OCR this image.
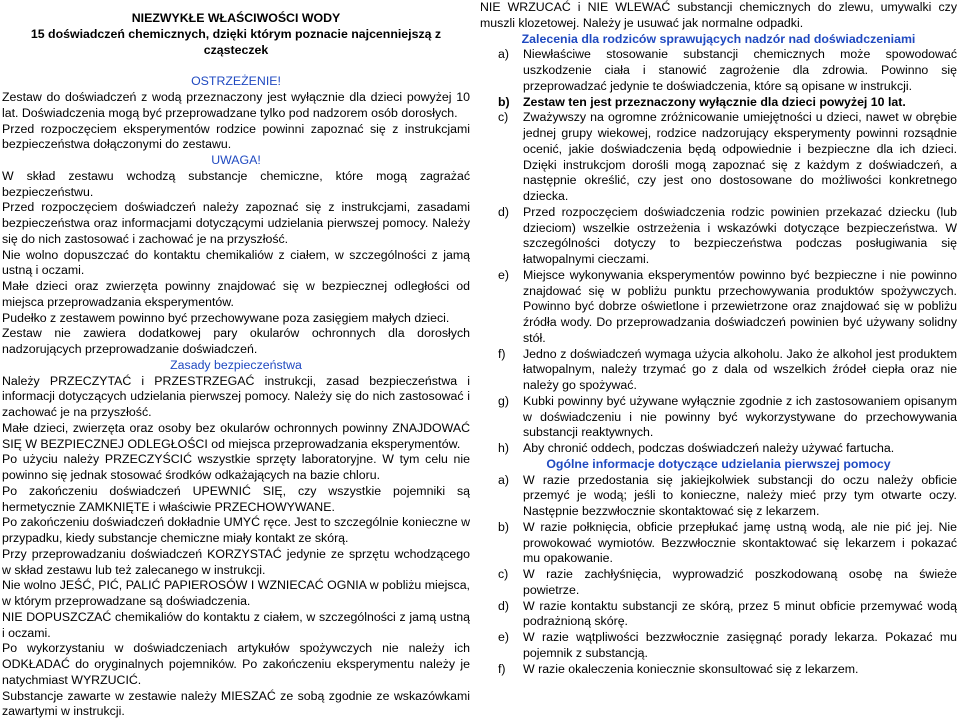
NIEZWYKŁE WŁAŚCIWOŚCI WODY

15 doświadczeń chemicznych, dzięki którym poznacie najcenniejszą z cząsteczek

OSTRZEŻENIE!

Zestaw do doświadczeń z wodą przeznaczony jest wyłącznie dla dzieci powyżej 10 lat. Doświadczenia mogą być przeprowadzane tylko pod nadzorem osób dorosłych.

Przed rozpoczęciem eksperymentów rodzice powinni zapoznać się z instrukcjami bezpieczeństwa dołączonymi do zestawu.

UWAGA!

W skład zestawu wchodzą substancje chemiczne, które mogą zagrażać bezpieczeństwu.

Przed rozpoczęciem doświadczeń należy zapoznać się z instrukcjami, zasadami bezpieczeństwa oraz informacjami dotyczącymi udzielania pierwszej pomocy. Należy się do nich zastosować i zachować je na przyszłość.

Nie wolno dopuszczać do kontaktu chemikaliów z ciałem, w szczególności z jamą ustną i oczami.

Małe dzieci oraz zwierzęta powinny znajdować się w bezpiecznej odległości od miejsca przeprowadzania eksperymentów.

Pudełko z zestawem powinno być przechowywane poza zasięgiem małych dzieci.

Zestaw nie zawiera dodatkowej pary okularów ochronnych dla dorosłych nadzorujących przeprowadzanie doświadczeń.

Zasady bezpieczeństwa

Należy PRZECZYTAĆ i PRZESTRZEGAĆ instrukcji, zasad bezpieczeństwa i informacji dotyczących udzielania pierwszej pomocy. Należy się do nich zastosować i zachować je na przyszłość.

Małe dzieci, zwierzęta oraz osoby bez okularów ochronnych powinny ZNAJDOWAĆ SIĘ W BEZPIECZNEJ ODLEGŁOŚCI od miejsca przeprowadzania eksperymentów.

Po użyciu należy PRZECZYŚCIĆ wszystkie sprzęty laboratoryjne. W tym celu nie powinno się jednak stosować środków odkażających na bazie chloru.

Po zakończeniu doświadczeń UPEWNIĆ SIĘ, czy wszystkie pojemniki są hermetycznie ZAMKNIĘTE i właściwie PRZECHOWYWANE.

Po zakończeniu doświadczeń dokładnie UMYĆ ręce. Jest to szczególnie konieczne w przypadku, kiedy substancje chemiczne miały kontakt ze skórą.

Przy przeprowadzaniu doświadczeń KORZYSTAĆ jedynie ze sprzętu wchodzącego w skład zestawu lub też zalecanego w instrukcji.

Nie wolno JEŚĆ, PIĆ, PALIĆ PAPIEROSÓW I WZNIECAĆ OGNIA w pobliżu miejsca, w którym przeprowadzane są doświadczenia.

NIE DOPUSZCZAĆ chemikaliów do kontaktu z ciałem, w szczególności z jamą ustną i oczami.

Po wykorzystaniu w doświadczeniach artykułów spożywczych nie należy ich ODKŁADAĆ do oryginalnych pojemników. Po zakończeniu eksperymentu należy je natychmiast WYRZUCIĆ.

Substancje zawarte w zestawie należy MIESZAĆ ze sobą zgodnie ze wskazówkami zawartymi w instrukcji.

NIE WRZUCAĆ i NIE WLEWAĆ substancji chemicznych do zlewu, umywalki czy muszli klozetowej. Należy je usuwać jak normalne odpadki.

Zalecenia dla rodziców sprawujących nadzór nad doświadczeniami

a) Niewłaściwe stosowanie substancji chemicznych może spowodować uszkodzenie ciała i stanowić zagrożenie dla zdrowia. Powinno się przeprowadzać jedynie te doświadczenia, które są opisane w instrukcji.
b) Zestaw ten jest przeznaczony wyłącznie dla dzieci powyżej 10 lat.
c) Zważywszy na ogromne zróżnicowanie umiejętności u dzieci, nawet w obrębie jednej grupy wiekowej, rodzice nadzorujący eksperymenty powinni rozsądnie ocenić, jakie doświadczenia będą odpowiednie i bezpieczne dla ich dzieci. Dzięki instrukcjom dorośli mogą zapoznać się z każdym z doświadczeń, a następnie określić, czy jest ono dostosowane do możliwości konkretnego dziecka.
d) Przed rozpoczęciem doświadczenia rodzic powinien przekazać dziecku (lub dzieciom) wszelkie ostrzeżenia i wskazówki dotyczące bezpieczeństwa. W szczególności dotyczy to bezpieczeństwa podczas posługiwania się łatwopalnymi cieczami.
e) Miejsce wykonywania eksperymentów powinno być bezpieczne i nie powinno znajdować się w pobliżu punktu przechowywania produktów spożywczych. Powinno być dobrze oświetlone i przewietrzone oraz znajdować się w pobliżu źródła wody. Do przeprowadzania doświadczeń powinien być używany solidny stół.
f) Jedno z doświadczeń wymaga użycia alkoholu. Jako że alkohol jest produktem łatwopalnym, należy trzymać go z dala od wszelkich źródeł ciepła oraz nie należy go spożywać.
g) Kubki powinny być używane wyłącznie zgodnie z ich zastosowaniem opisanym w doświadczeniu i nie powinny być wykorzystywane do przechowywania substancji reaktywnych.
h) Aby chronić oddech, podczas doświadczeń należy używać fartucha.

Ogólne informacje dotyczące udzielania pierwszej pomocy

a) W razie przedostania się jakiejkolwiek substancji do oczu należy obficie przemyć je wodą; jeśli to konieczne, należy mieć przy tym otwarte oczy. Następnie bezzwłocznie skontaktować się z lekarzem.
b) W razie połknięcia, obficie przepłukać jamę ustną wodą, ale nie pić jej. Nie prowokować wymiotów. Bezzwłocznie skontaktować się lekarzem i pokazać mu opakowanie.
c) W razie zachłyśnięcia, wyprowadzić poszkodowaną osobę na świeże powietrze.
d) W razie kontaktu substancji ze skórą, przez 5 minut obficie przemywać wodą podrażnioną skórę.
e) W razie wątpliwości bezzwłocznie zasięgnąć porady lekarza. Pokazać mu pojemnik z substancją.
f) W razie okaleczenia koniecznie skonsultować się z lekarzem.
